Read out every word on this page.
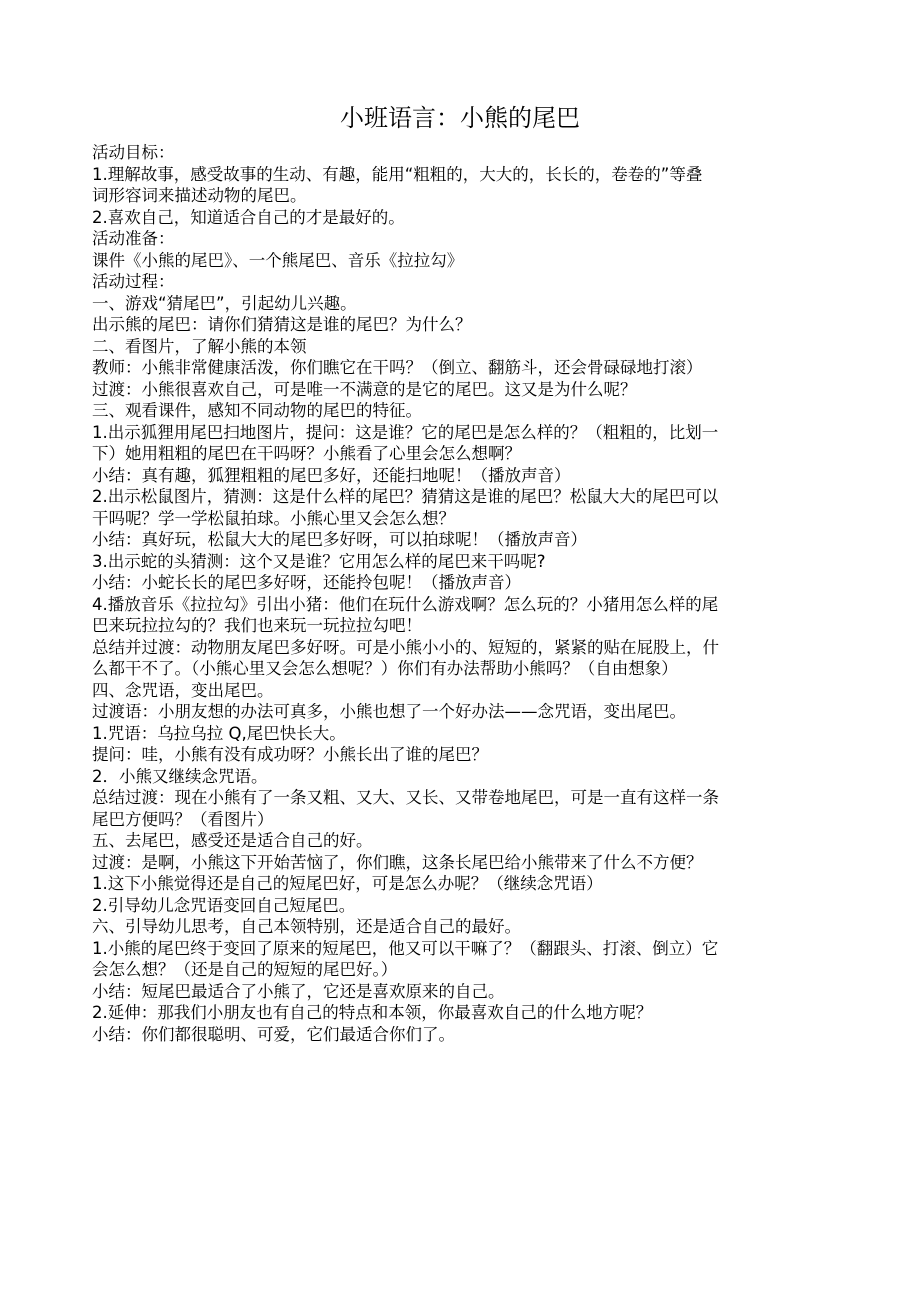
小班语言：小熊的尾巴
活动目标：
1.理解故事，感受故事的生动、有趣，能用“粗粗的，大大的，长长的，卷卷的”等叠
词形容词来描述动物的尾巴。
2.喜欢自己，知道适合自己的才是最好的。
活动准备：
课件《小熊的尾巴》、一个熊尾巴、音乐《拉拉勾》
活动过程：
一、游戏“猜尾巴”，引起幼儿兴趣。
出示熊的尾巴：请你们猜猜这是谁的尾巴？为什么？
二、看图片，了解小熊的本领
教师：小熊非常健康活泼，你们瞧它在干吗？（倒立、翻筋斗，还会骨碌碌地打滚）
过渡：小熊很喜欢自己，可是唯一不满意的是它的尾巴。这又是为什么呢？
三、观看课件，感知不同动物的尾巴的特征。
1.出示狐狸用尾巴扫地图片，提问：这是谁？它的尾巴是怎么样的？（粗粗的，比划一
下）她用粗粗的尾巴在干吗呀？小熊看了心里会怎么想啊？
小结：真有趣，狐狸粗粗的尾巴多好，还能扫地呢！（播放声音）
2.出示松鼠图片，猜测：这是什么样的尾巴？猜猜这是谁的尾巴？松鼠大大的尾巴可以
干吗呢？学一学松鼠拍球。小熊心里又会怎么想？
小结：真好玩，松鼠大大的尾巴多好呀，可以拍球呢！（播放声音）
3.出示蛇的头猜测：这个又是谁？它用怎么样的尾巴来干吗呢?
小结：小蛇长长的尾巴多好呀，还能拎包呢！（播放声音）
4.播放音乐《拉拉勾》引出小猪：他们在玩什么游戏啊？怎么玩的？小猪用怎么样的尾
巴来玩拉拉勾的？我们也来玩一玩拉拉勾吧！
总结并过渡：动物朋友尾巴多好呀。可是小熊小小的、短短的，紧紧的贴在屁股上，什
么都干不了。（小熊心里又会怎么想呢？）你们有办法帮助小熊吗？（自由想象）
四、念咒语，变出尾巴。
过渡语：小朋友想的办法可真多，小熊也想了一个好办法——念咒语，变出尾巴。
1.咒语：乌拉乌拉 Q,尾巴快长大。
提问：哇，小熊有没有成功呀？小熊长出了谁的尾巴？
2．小熊又继续念咒语。
总结过渡：现在小熊有了一条又粗、又大、又长、又带卷地尾巴，可是一直有这样一条
尾巴方便吗？（看图片）
五、去尾巴，感受还是适合自己的好。
过渡：是啊，小熊这下开始苦恼了，你们瞧，这条长尾巴给小熊带来了什么不方便？
1.这下小熊觉得还是自己的短尾巴好，可是怎么办呢？（继续念咒语）
2.引导幼儿念咒语变回自己短尾巴。
六、引导幼儿思考，自己本领特别，还是适合自己的最好。
1.小熊的尾巴终于变回了原来的短尾巴，他又可以干嘛了？（翻跟头、打滚、倒立）它
会怎么想？（还是自己的短短的尾巴好。）
小结：短尾巴最适合了小熊了，它还是喜欢原来的自己。
2.延伸：那我们小朋友也有自己的特点和本领，你最喜欢自己的什么地方呢？
小结：你们都很聪明、可爱，它们最适合你们了。
